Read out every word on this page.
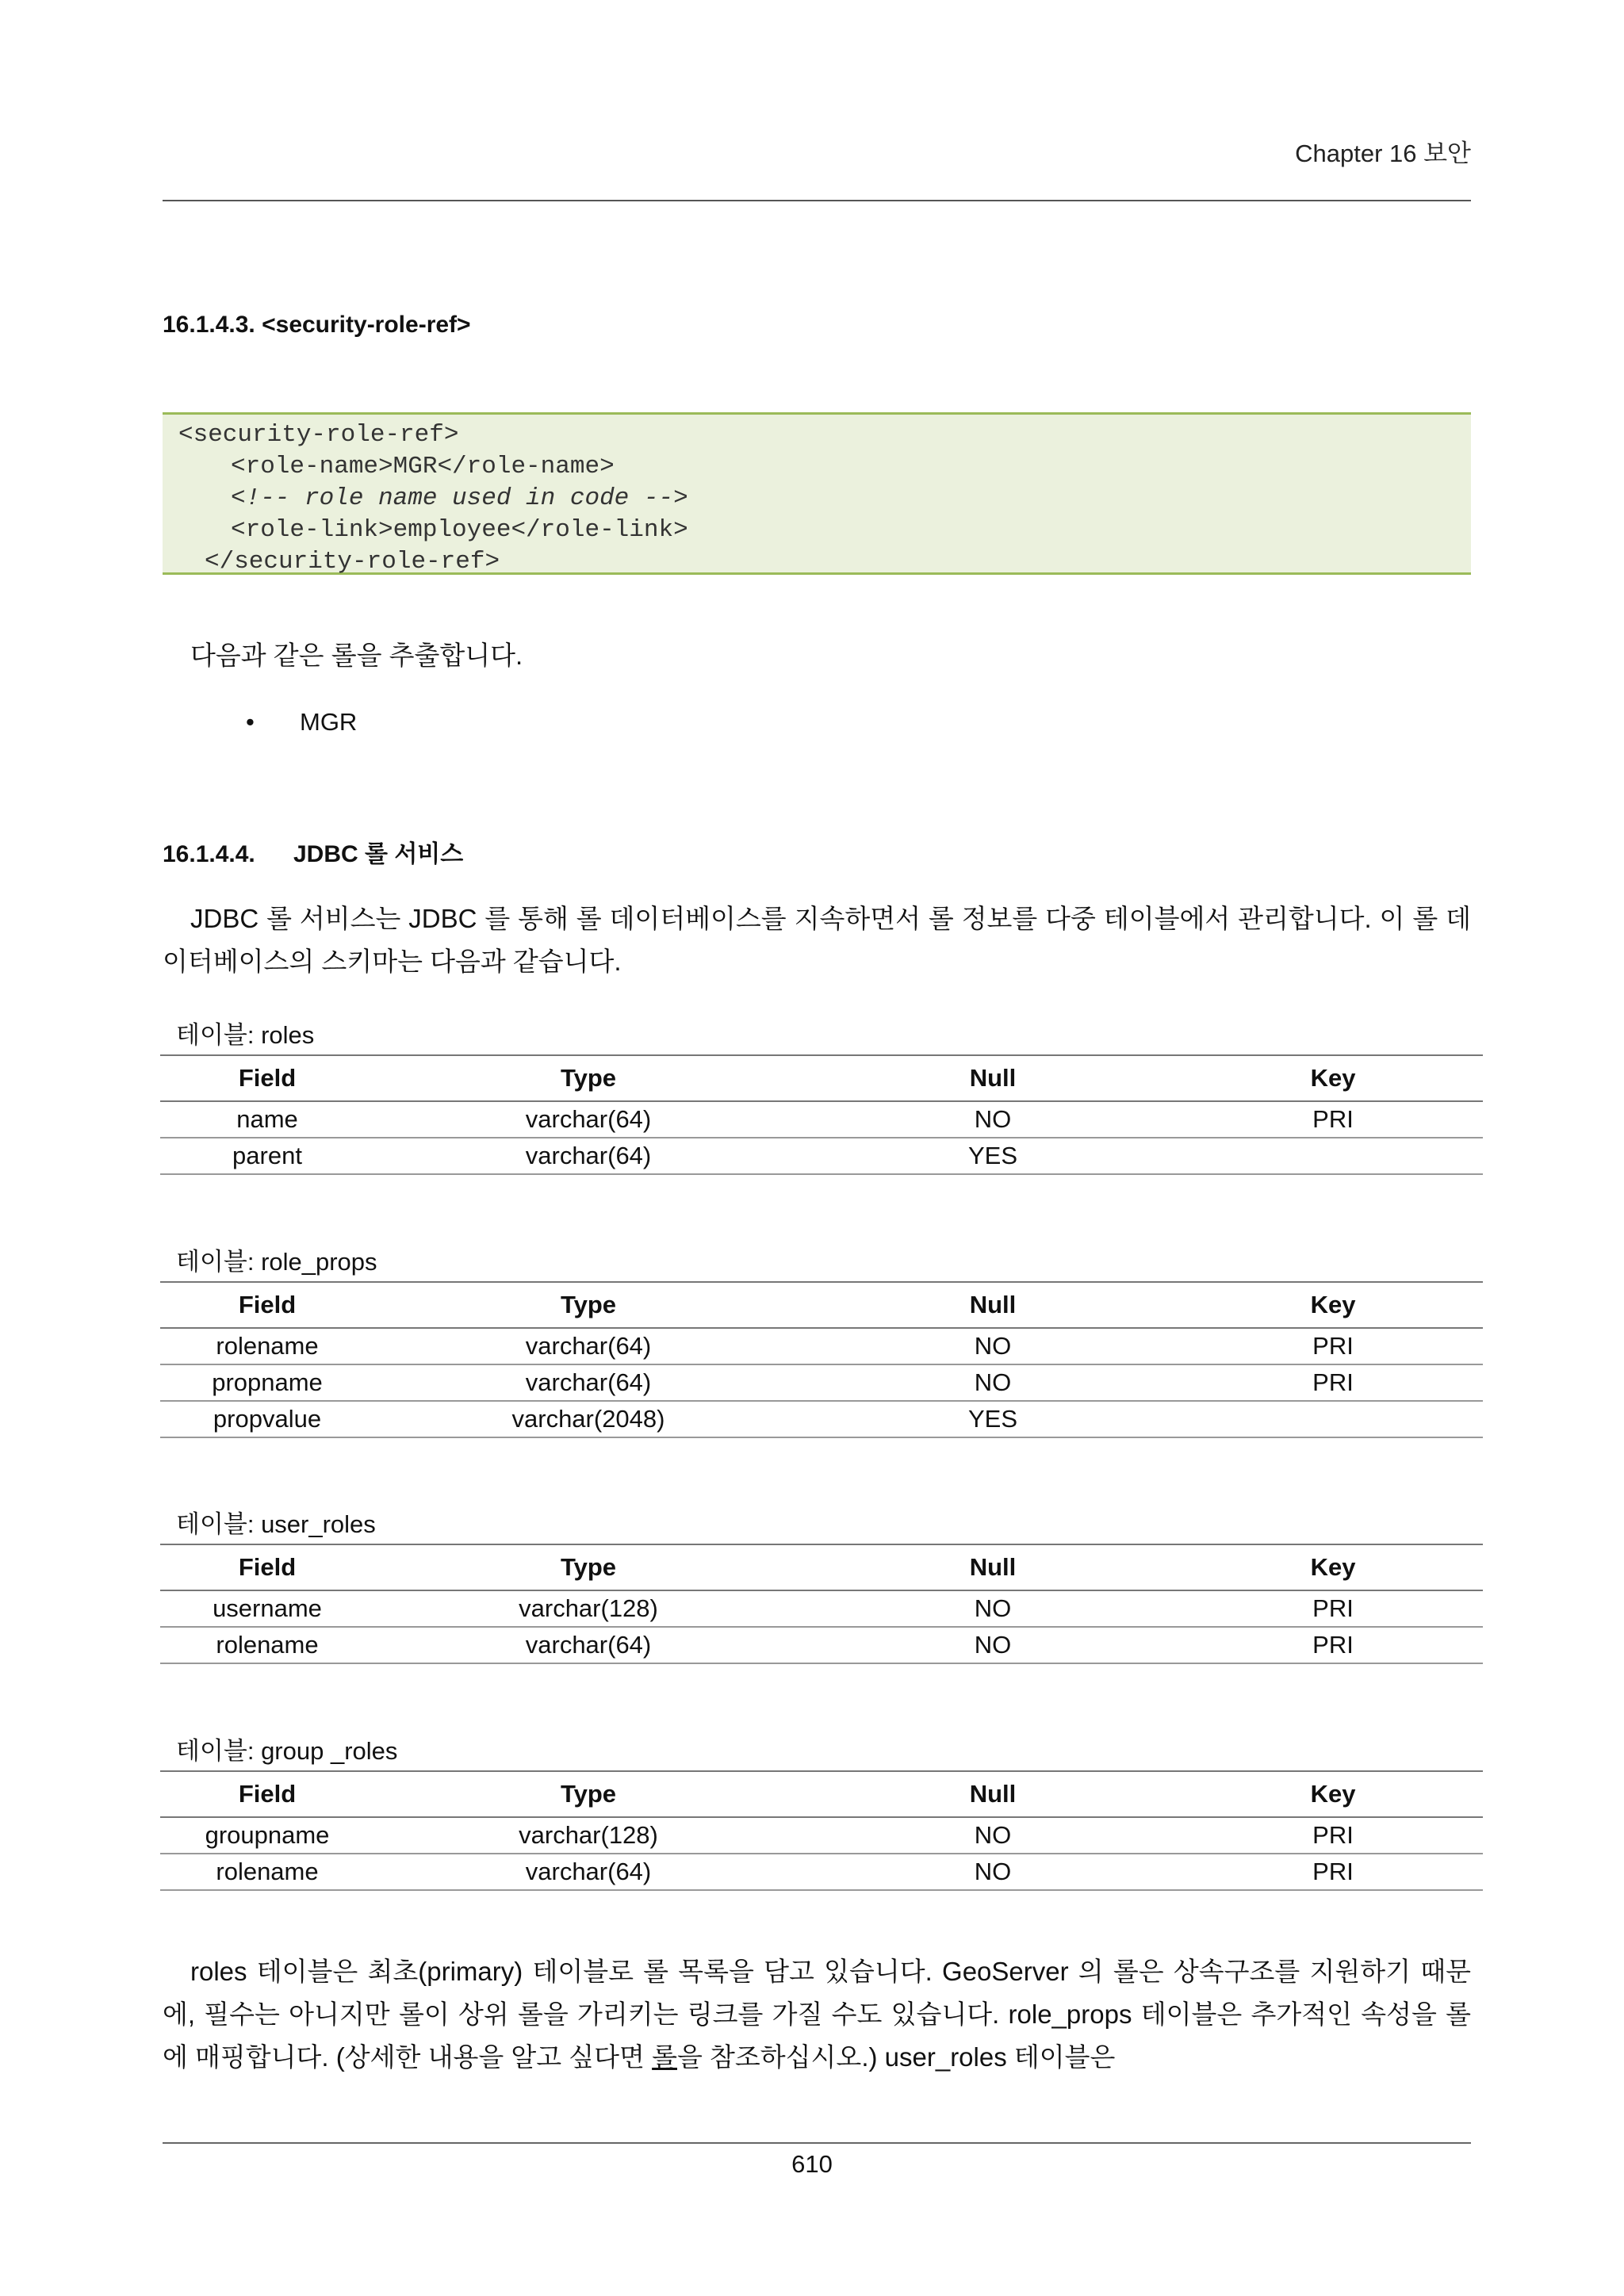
Chapter 16 보안
16.1.4.3. <security-role-ref>
<security-role-ref>
<role-name>MGR</role-name>
<!-- role name used in code -->
<role-link>employee</role-link>
</security-role-ref>
다음과 같은 롤을 추출합니다.
• MGR
16.1.4.4. JDBC 롤 서비스
JDBC 롤 서비스는 JDBC 를 통해 롤 데이터베이스를 지속하면서 롤 정보를 다중 테이블에서 관리합니다. 이 롤 데이터베이스의 스키마는 다음과 같습니다.
테이블: roles
Field	Type	Null	Key
name	varchar(64)	NO	PRI
parent	varchar(64)	YES	
테이블: role_props
Field	Type	Null	Key
rolename	varchar(64)	NO	PRI
propname	varchar(64)	NO	PRI
propvalue	varchar(2048)	YES	
테이블: user_roles
Field	Type	Null	Key
username	varchar(128)	NO	PRI
rolename	varchar(64)	NO	PRI
테이블: group _roles
Field	Type	Null	Key
groupname	varchar(128)	NO	PRI
rolename	varchar(64)	NO	PRI
roles 테이블은 최초(primary) 테이블로 롤 목록을 담고 있습니다. GeoServer 의 롤은 상속구조를 지원하기 때문에, 필수는 아니지만 롤이 상위 롤을 가리키는 링크를 가질 수도 있습니다. role_props 테이블은 추가적인 속성을 롤에 매핑합니다. (상세한 내용을 알고 싶다면 롤을 참조하십시오.) user_roles 테이블은
610
